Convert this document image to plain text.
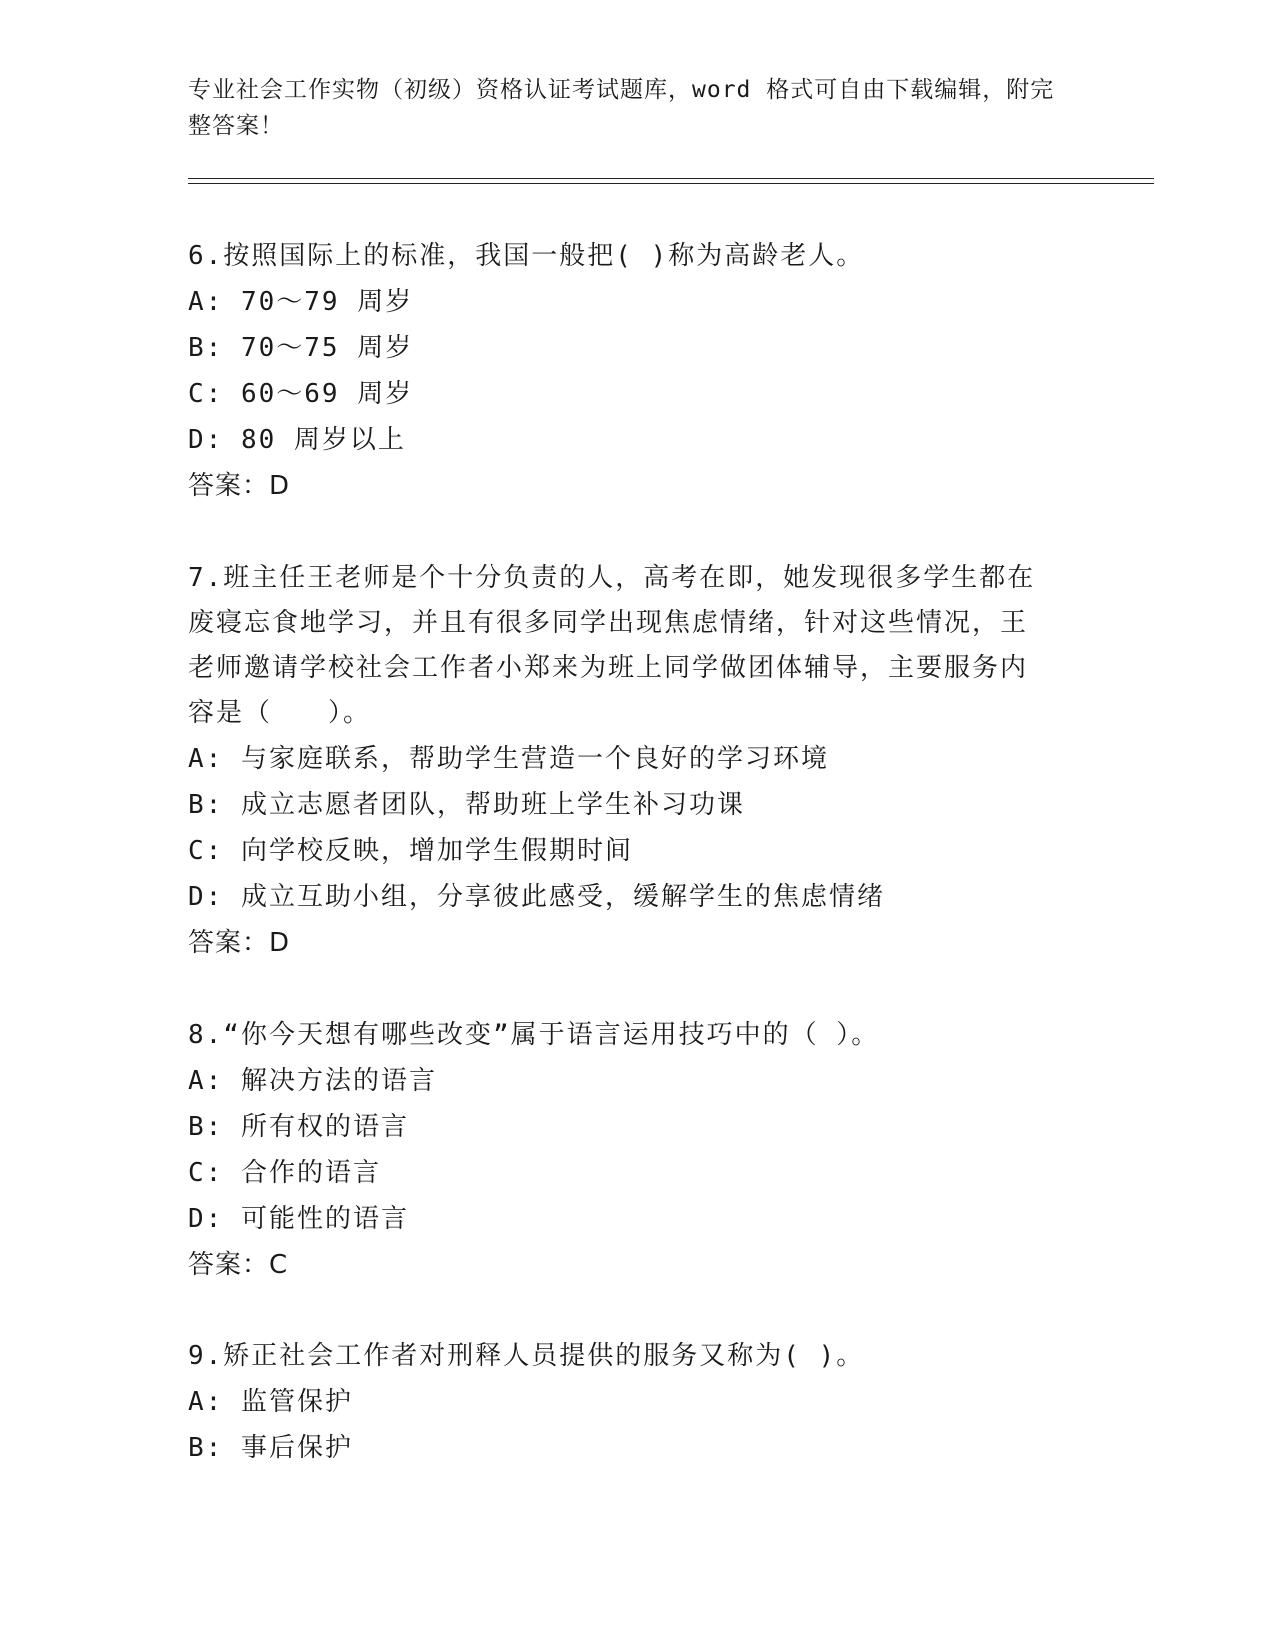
专业社会工作实物（初级）资格认证考试题库，word 格式可自由下载编辑，附完
整答案！
6.按照国际上的标准，我国一般把( )称为高龄老人。
A: 70～79 周岁
B: 70～75 周岁
C: 60～69 周岁
D: 80 周岁以上
答案：D
7.班主任王老师是个十分负责的人，高考在即，她发现很多学生都在
废寝忘食地学习，并且有很多同学出现焦虑情绪，针对这些情况，王
老师邀请学校社会工作者小郑来为班上同学做团体辅导，主要服务内
容是（　　）。
A: 与家庭联系，帮助学生营造一个良好的学习环境
B: 成立志愿者团队，帮助班上学生补习功课
C: 向学校反映，增加学生假期时间
D: 成立互助小组，分享彼此感受，缓解学生的焦虑情绪
答案：D
8.“你今天想有哪些改变”属于语言运用技巧中的（ ）。
A: 解决方法的语言
B: 所有权的语言
C: 合作的语言
D: 可能性的语言
答案：C
9.矫正社会工作者对刑释人员提供的服务又称为( )。
A: 监管保护
B: 事后保护
